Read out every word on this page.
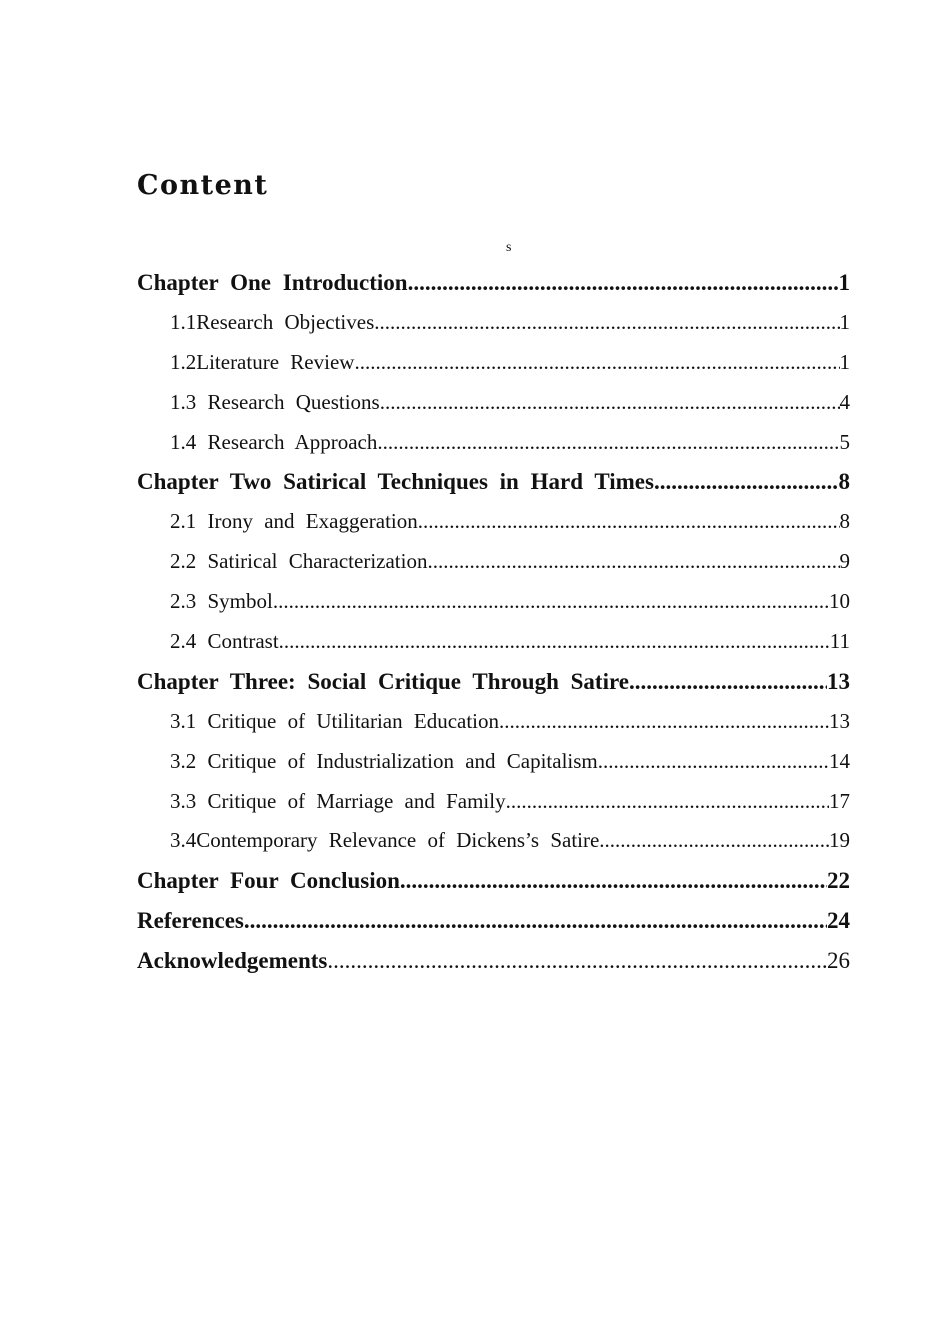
Content
s
Chapter One Introduction .....	1
1.1Research Objectives .....	1
1.2Literature Review .....	1
1.3 Research Questions .....	4
1.4 Research Approach .....	5
Chapter Two Satirical Techniques in Hard Times .....	8
2.1 Irony and Exaggeration .....	8
2.2 Satirical Characterization .....	9
2.3 Symbol .....	10
2.4 Contrast .....	11
Chapter Three: Social Critique Through Satire .....	13
3.1 Critique of Utilitarian Education .....	13
3.2 Critique of Industrialization and Capitalism .....	14
3.3 Critique of Marriage and Family .....	17
3.4Contemporary Relevance of Dickens’s Satire .....	19
Chapter Four Conclusion .....	22
References .....	24
Acknowledgements .....	26
